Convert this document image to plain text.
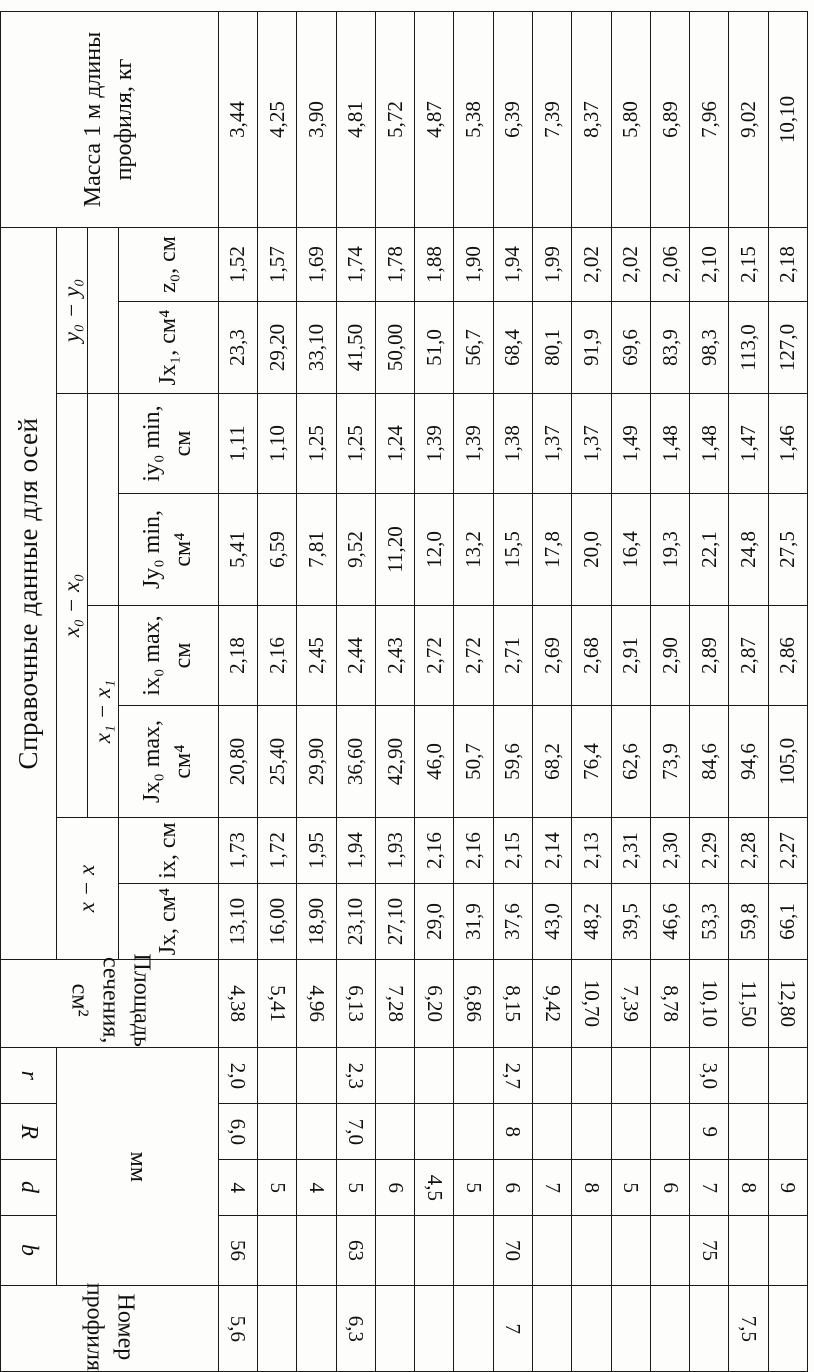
Номер профиля	b	d	R	r	Площадь сечения, см²	Справочные данные для осей								Масса 1 м длины профиля, кг
	мм					x − x		x₀ − x₀				y₀ − y₀		
								x₁ − x₁						
						Jx, см⁴	ix, см	Jx₀ max, см⁴	ix₀ max, см	Jy₀ min, см⁴	iy₀ min, см	Jx₁, см⁴	z₀, см	
5,6	56	4	6,0	2,0	4,38	13,10	1,73	20,80	2,18	5,41	1,11	23,3	1,52	3,44
		5			5,41	16,00	1,72	25,40	2,16	6,59	1,10	29,20	1,57	4,25
		4			4,96	18,90	1,95	29,90	2,45	7,81	1,25	33,10	1,69	3,90
6,3	63	5	7,0	2,3	6,13	23,10	1,94	36,60	2,44	9,52	1,25	41,50	1,74	4,81
		6			7,28	27,10	1,93	42,90	2,43	11,20	1,24	50,00	1,78	5,72
		4,5			6,20	29,0	2,16	46,0	2,72	12,0	1,39	51,0	1,88	4,87
		5			6,86	31,9	2,16	50,7	2,72	13,2	1,39	56,7	1,90	5,38
7	70	6	8	2,7	8,15	37,6	2,15	59,6	2,71	15,5	1,38	68,4	1,94	6,39
		7			9,42	43,0	2,14	68,2	2,69	17,8	1,37	80,1	1,99	7,39
		8			10,70	48,2	2,13	76,4	2,68	20,0	1,37	91,9	2,02	8,37
		5			7,39	39,5	2,31	62,6	2,91	16,4	1,49	69,6	2,02	5,80
		6			8,78	46,6	2,30	73,9	2,90	19,3	1,48	83,9	2,06	6,89
	75	7	9	3,0	10,10	53,3	2,29	84,6	2,89	22,1	1,48	98,3	2,10	7,96
7,5		8			11,50	59,8	2,28	94,6	2,87	24,8	1,47	113,0	2,15	9,02
		9			12,80	66,1	2,27	105,0	2,86	27,5	1,46	127,0	2,18	10,10
